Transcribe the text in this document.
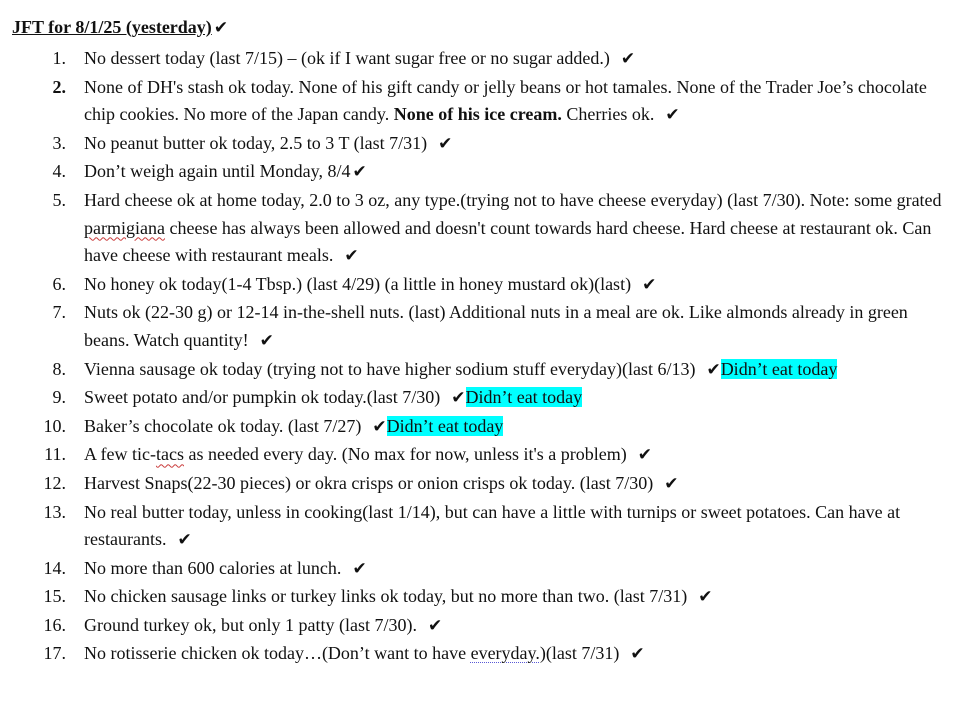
JFT for 8/1/25 (yesterday) ✔
1. No dessert today (last 7/15) – (ok if I want sugar free or no sugar added.) ✔
2. None of DH's stash ok today. None of his gift candy or jelly beans or hot tamales. None of the Trader Joe’s chocolate chip cookies. No more of the Japan candy. None of his ice cream. Cherries ok. ✔
3. No peanut butter ok today, 2.5 to 3 T (last 7/31) ✔
4. Don’t weigh again until Monday, 8/4 ✔
5. Hard cheese ok at home today, 2.0 to 3 oz, any type.(trying not to have cheese everyday) (last 7/30). Note: some grated parmigiana cheese has always been allowed and doesn't count towards hard cheese. Hard cheese at restaurant ok. Can have cheese with restaurant meals. ✔
6. No honey ok today(1-4 Tbsp.) (last 4/29) (a little in honey mustard ok)(last) ✔
7. Nuts ok (22-30 g) or 12-14 in-the-shell nuts. (last) Additional nuts in a meal are ok. Like almonds already in green beans. Watch quantity! ✔
8. Vienna sausage ok today (trying not to have higher sodium stuff everyday)(last 6/13) ✔Didn’t eat today
9. Sweet potato and/or pumpkin ok today.(last 7/30) ✔Didn’t eat today
10. Baker’s chocolate ok today. (last 7/27) ✔Didn’t eat today
11. A few tic-tacs as needed every day. (No max for now, unless it's a problem) ✔
12. Harvest Snaps(22-30 pieces) or okra crisps or onion crisps ok today. (last 7/30) ✔
13. No real butter today, unless in cooking(last 1/14), but can have a little with turnips or sweet potatoes. Can have at restaurants. ✔
14. No more than 600 calories at lunch. ✔
15. No chicken sausage links or turkey links ok today, but no more than two. (last 7/31) ✔
16. Ground turkey ok, but only 1 patty (last 7/30). ✔
17. No rotisserie chicken ok today…(Don’t want to have everyday.)(last 7/31) ✔
